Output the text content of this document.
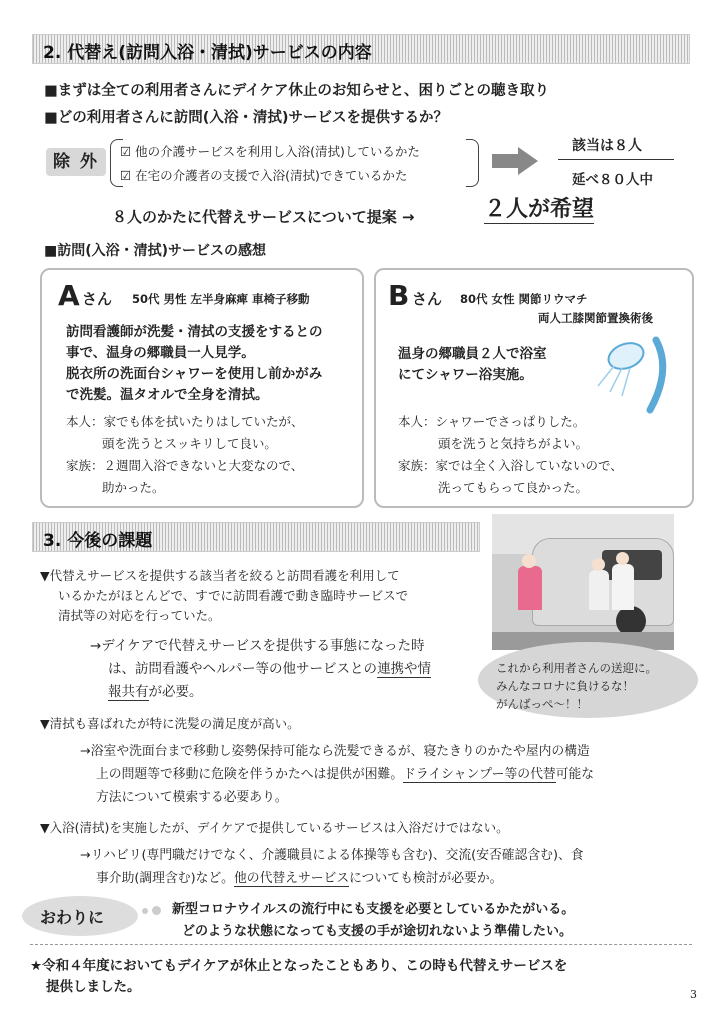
2. 代替え(訪問入浴・清拭)サービスの内容
■まずは全ての利用者さんにデイケア休止のお知らせと、困りごとの聴き取り
■どの利用者さんに訪問(入浴・清拭)サービスを提供するか？
除 外
☑ 他の介護サービスを利用し入浴(清拭)しているかた
☑ 在宅の介護者の支援で入浴(清拭)できているかた
該当は８人
延べ８０人中
８人のかたに代替えサービスについて提案 →	２人が希望
■訪問(入浴・清拭)サービスの感想
A さん 50代 男性 左半身麻痺 車椅子移動
訪問看護師が洗髪・清拭の支援をするとの
事で、温身の郷職員一人見学。
脱衣所の洗面台シャワーを使用し前かがみ
で洗髪。温タオルで全身を清拭。
本人：家でも体を拭いたりはしていたが、
頭を洗うとスッキリして良い。
家族：２週間入浴できないと大変なので、
助かった。
B さん 80代 女性 関節リウマチ
両人工膝関節置換術後
温身の郷職員２人で浴室
にてシャワー浴実施。
本人：シャワーでさっぱりした。
頭を洗うと気持ちがよい。
家族：家では全く入浴していないので、
洗ってもらって良かった。
3. 今後の課題
これから利用者さんの送迎に。
みんなコロナに負けるな！
がんばっぺ〜！！
▼代替えサービスを提供する該当者を絞ると訪問看護を利用して
いるかたがほとんどで、すでに訪問看護で動き臨時サービスで
清拭等の対応を行っていた。
→デイケアで代替えサービスを提供する事態になった時
は、訪問看護やヘルパー等の他サービスとの連携や情
報共有が必要。
▼清拭も喜ばれたが特に洗髪の満足度が高い。
→浴室や洗面台まで移動し姿勢保持可能なら洗髪できるが、寝たきりのかたや屋内の構造
上の問題等で移動に危険を伴うかたへは提供が困難。ドライシャンプー等の代替可能な
方法について模索する必要あり。
▼入浴(清拭)を実施したが、デイケアで提供しているサービスは入浴だけではない。
→リハビリ(専門職だけでなく、介護職員による体操等も含む)、交流(安否確認含む)、食
事介助(調理含む)など。他の代替えサービスについても検討が必要か。
おわりに	新型コロナウイルスの流行中にも支援を必要としているかたがいる。
どのような状態になっても支援の手が途切れないよう準備したい。
★令和４年度においてもデイケアが休止となったこともあり、この時も代替えサービスを
提供しました。	3
